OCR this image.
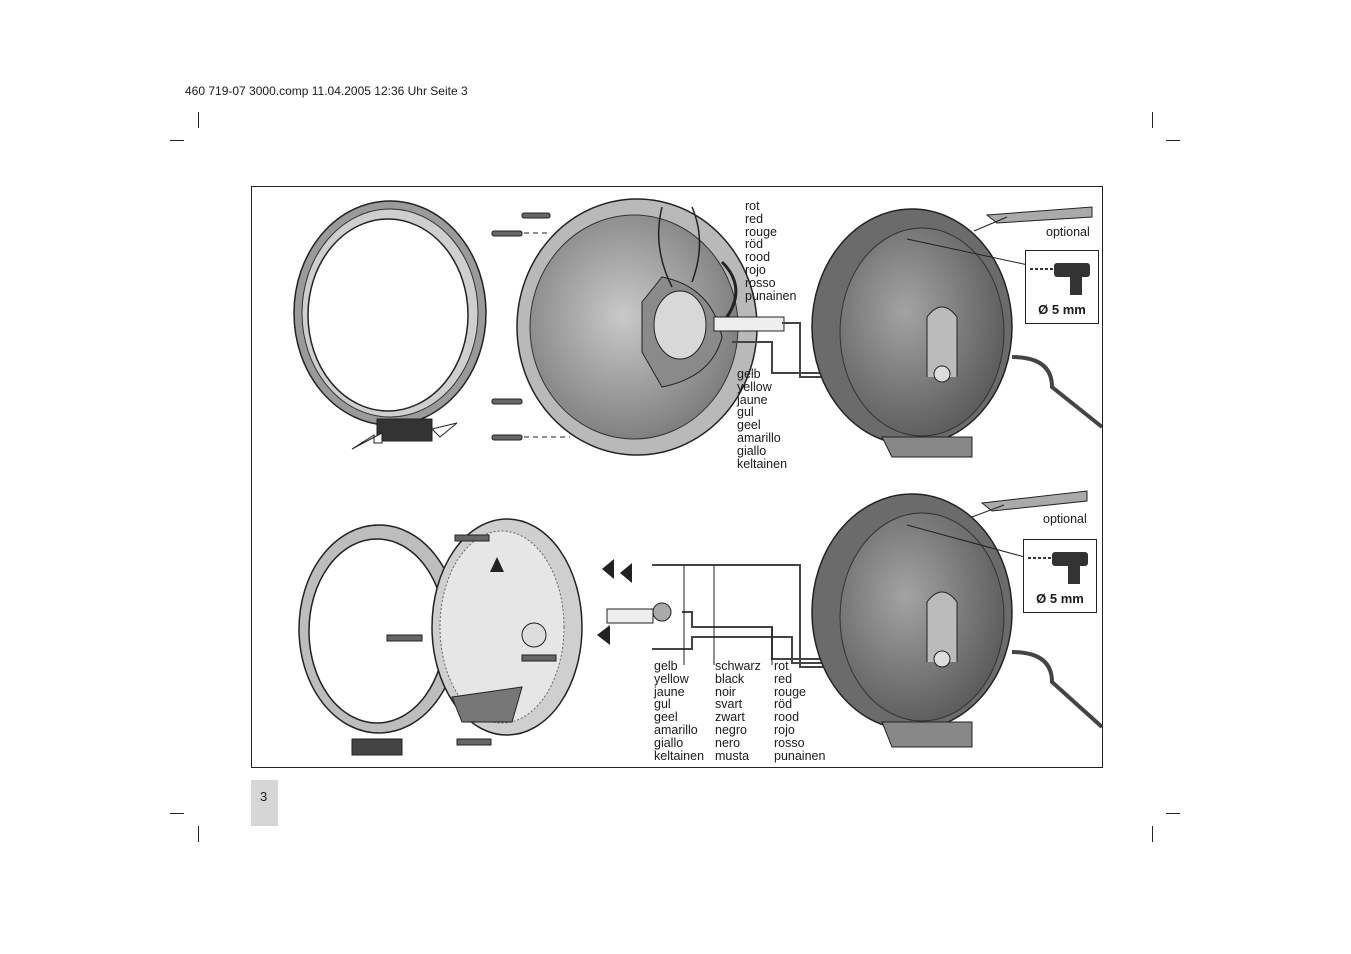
460 719-07 3000.comp 11.04.2005 12:36 Uhr Seite 3
rot
red
rouge
röd
rood
rojo
rosso
punainen
gelb
yellow
jaune
gul
geel
amarillo
giallo
keltainen
optional
Ø 5 mm
gelb
yellow
jaune
gul
geel
amarillo
giallo
keltainen
schwarz
black
noir
svart
zwart
negro
nero
musta
rot
red
rouge
röd
rood
rojo
rosso
punainen
optional
Ø 5 mm
3
